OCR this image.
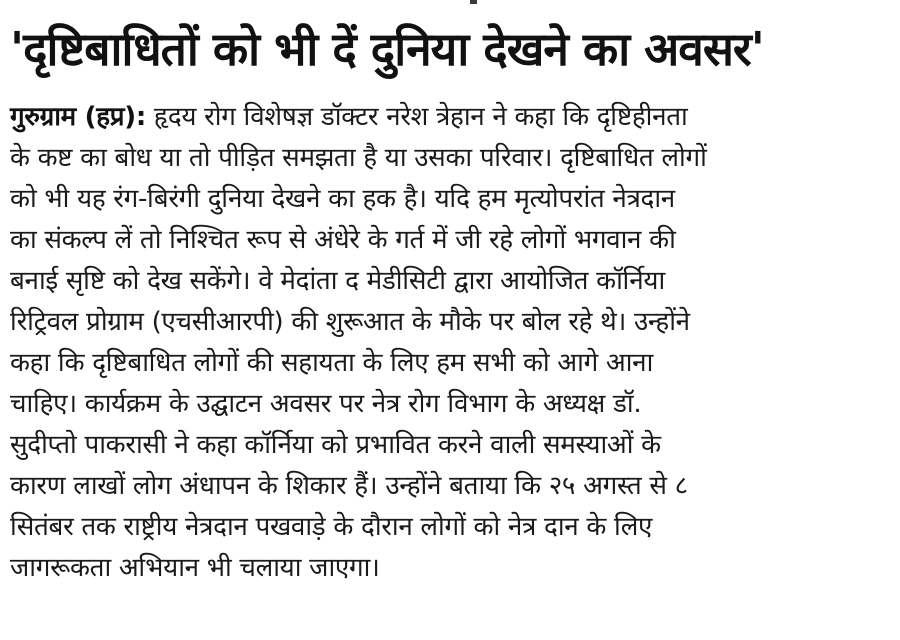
'दृष्टिबाधितों को भी दें दुनिया देखने का अवसर'
गुरुग्राम (हप्र): हृदय रोग विशेषज्ञ डॉक्टर नरेश त्रेहान ने कहा कि दृष्टिहीनता
के कष्ट का बोध या तो पीड़ित समझता है या उसका परिवार। दृष्टिबाधित लोगों
को भी यह रंग-बिरंगी दुनिया देखने का हक है। यदि हम मृत्योपरांत नेत्रदान
का संकल्प लें तो निश्चित रूप से अंधेरे के गर्त में जी रहे लोगों भगवान की
बनाई सृष्टि को देख सकेंगे। वे मेदांता द मेडीसिटी द्वारा आयोजित कॉर्निया
रिट्रिवल प्रोग्राम (एचसीआरपी) की शुरूआत के मौके पर बोल रहे थे। उन्होंने
कहा कि दृष्टिबाधित लोगों की सहायता के लिए हम सभी को आगे आना
चाहिए। कार्यक्रम के उद्घाटन अवसर पर नेत्र रोग विभाग के अध्यक्ष डॉ.
सुदीप्तो पाकरासी ने कहा कॉर्निया को प्रभावित करने वाली समस्याओं के
कारण लाखों लोग अंधापन के शिकार हैं। उन्होंने बताया कि २५ अगस्त से ८
सितंबर तक राष्ट्रीय नेत्रदान पखवाड़े के दौरान लोगों को नेत्र दान के लिए
जागरूकता अभियान भी चलाया जाएगा।
